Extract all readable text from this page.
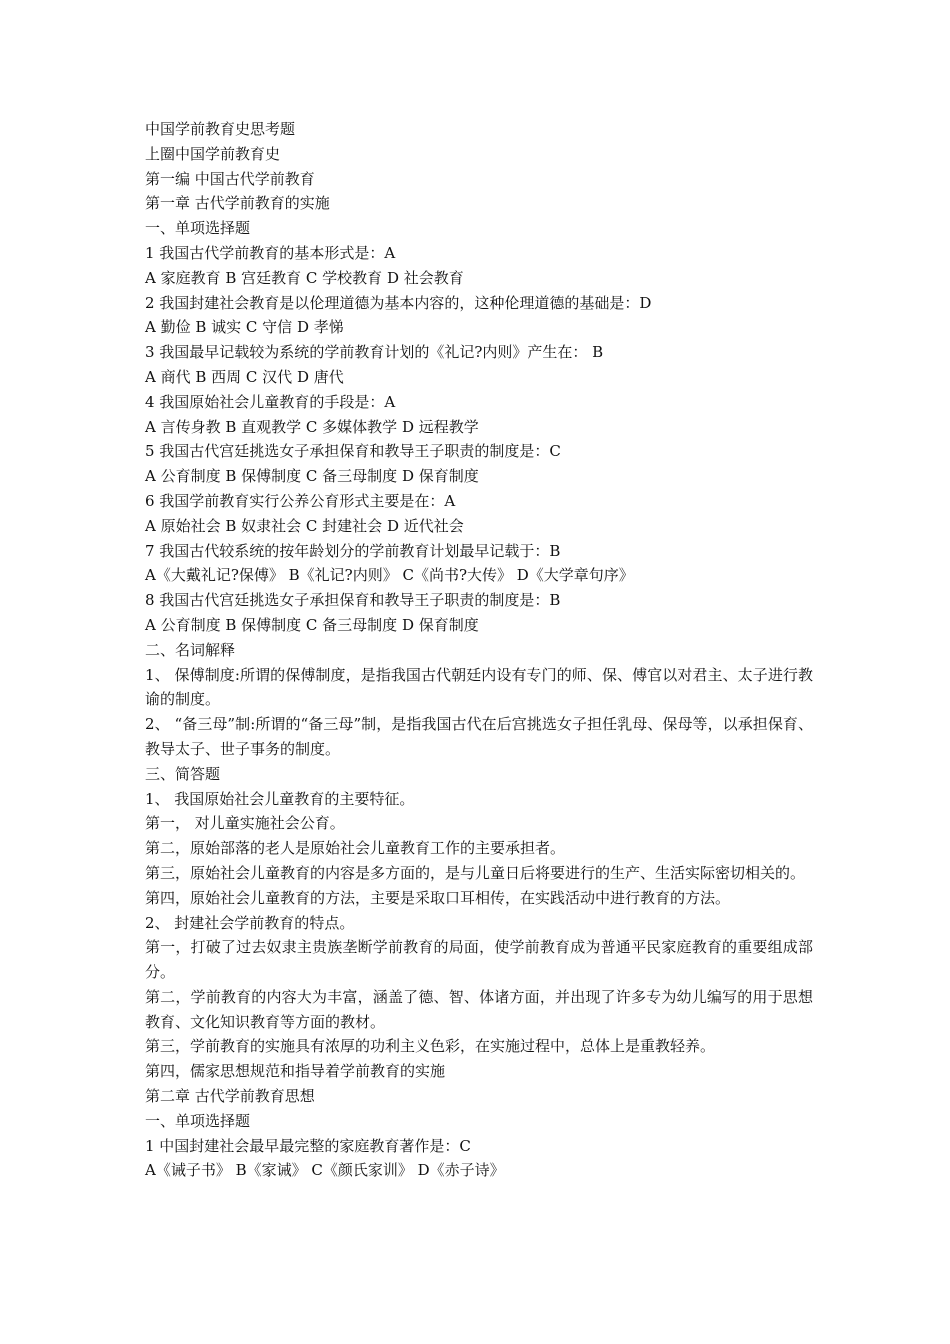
中国学前教育史思考题
上圈中国学前教育史
第一编 中国古代学前教育
第一章 古代学前教育的实施
一、单项选择题
1 我国古代学前教育的基本形式是：A
A 家庭教育 B 宫廷教育 C 学校教育 D 社会教育
2 我国封建社会教育是以伦理道德为基本内容的，这种伦理道德的基础是：D
A 勤俭 B 诚实 C 守信 D 孝悌
3 我国最早记载较为系统的学前教育计划的《礼记?内则》产生在： B
A 商代 B 西周 C 汉代 D 唐代
4 我国原始社会儿童教育的手段是：A
A 言传身教 B 直观教学 C 多媒体教学 D 远程教学
5 我国古代宫廷挑选女子承担保育和教导王子职责的制度是：C
A 公育制度 B 保傅制度 C 备三母制度 D 保育制度
6 我国学前教育实行公养公育形式主要是在：A
A 原始社会 B 奴隶社会 C 封建社会 D 近代社会
7 我国古代较系统的按年龄划分的学前教育计划最早记载于：B
A《大戴礼记?保傅》 B《礼记?内则》 C《尚书?大传》 D《大学章句序》
8 我国古代宫廷挑选女子承担保育和教导王子职责的制度是：B
A 公育制度 B 保傅制度 C 备三母制度 D 保育制度
二、名词解释
1、 保傅制度:所谓的保傅制度，是指我国古代朝廷内设有专门的师、保、傅官以对君主、太子进行教谕的制度。
2、 “备三母”制:所谓的“备三母”制，是指我国古代在后宫挑选女子担任乳母、保母等，以承担保育、教导太子、世子事务的制度。
三、简答题
1、 我国原始社会儿童教育的主要特征。
第一， 对儿童实施社会公育。
第二，原始部落的老人是原始社会儿童教育工作的主要承担者。
第三，原始社会儿童教育的内容是多方面的，是与儿童日后将要进行的生产、生活实际密切相关的。
第四，原始社会儿童教育的方法，主要是采取口耳相传，在实践活动中进行教育的方法。
2、 封建社会学前教育的特点。
第一，打破了过去奴隶主贵族垄断学前教育的局面，使学前教育成为普通平民家庭教育的重要组成部分。
第二，学前教育的内容大为丰富，涵盖了德、智、体诸方面，并出现了许多专为幼儿编写的用于思想教育、文化知识教育等方面的教材。
第三，学前教育的实施具有浓厚的功利主义色彩，在实施过程中，总体上是重教轻养。
第四，儒家思想规范和指导着学前教育的实施
第二章 古代学前教育思想
一、单项选择题
1 中国封建社会最早最完整的家庭教育著作是：C
A《诫子书》 B《家诫》 C《颜氏家训》 D《赤子诗》
